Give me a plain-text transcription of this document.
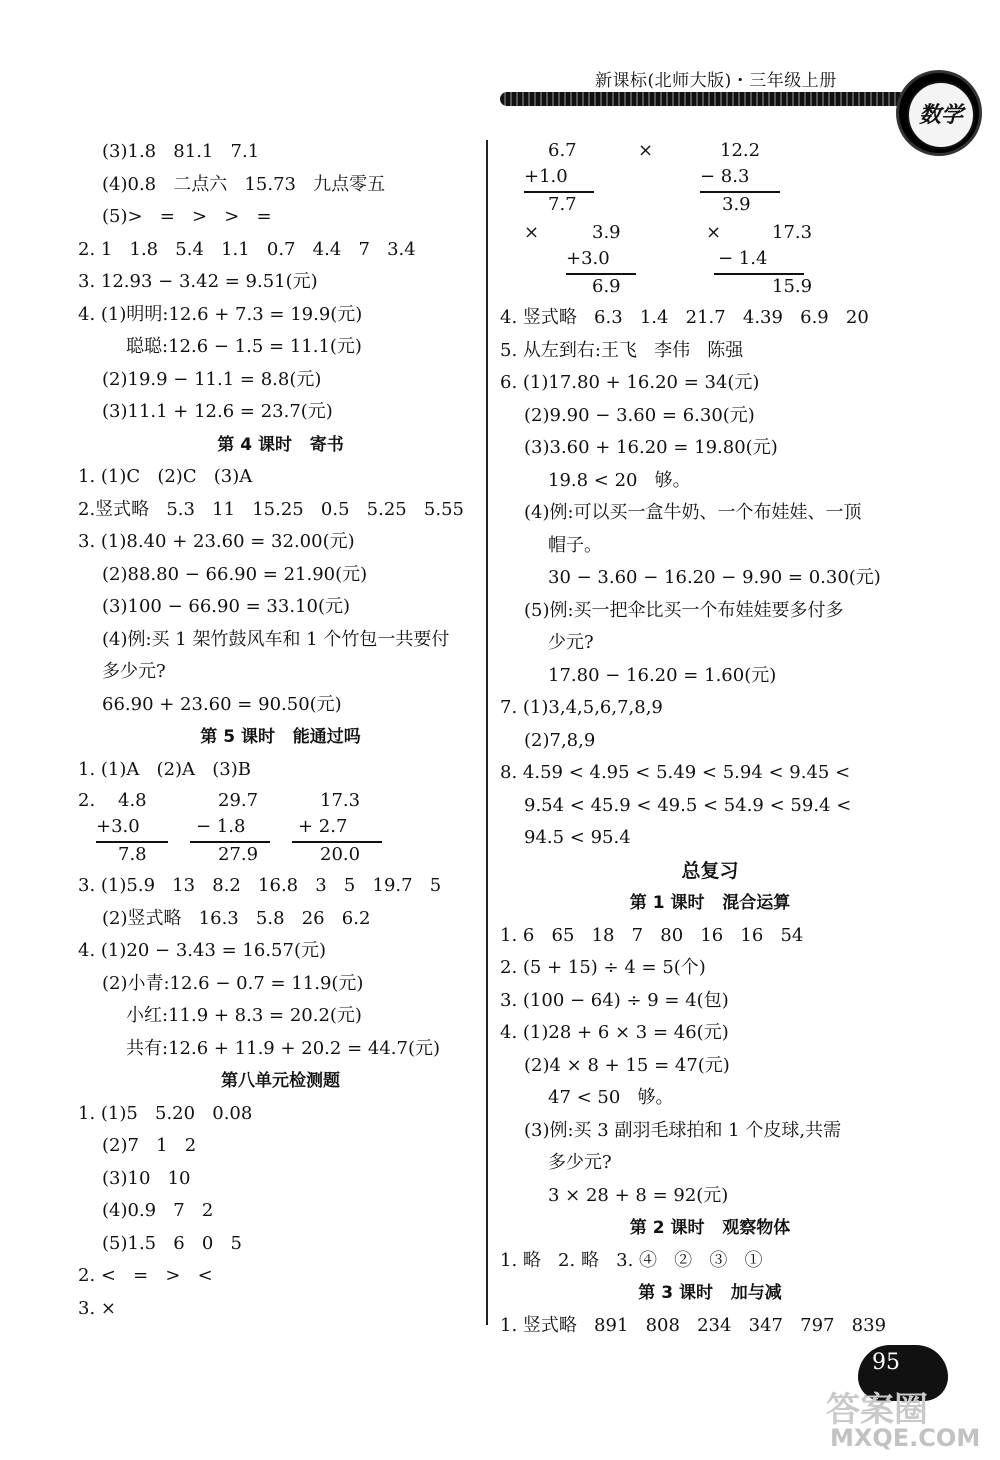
新课标(北师大版)・三年级上册
数学
(3)1.8   81.1   7.1
(4)0.8   二点六   15.73   九点零五
(5)>   =   >   >   =
2. 1   1.8   5.4   1.1   0.7   4.4   7   3.4
3. 12.93 − 3.42 = 9.51(元)
4. (1)明明:12.6 + 7.3 = 19.9(元)
聪聪:12.6 − 1.5 = 11.1(元)
(2)19.9 − 11.1 = 8.8(元)
(3)11.1 + 12.6 = 23.7(元)
第 4 课时   寄书
1. (1)C   (2)C   (3)A
2.竖式略   5.3   11   15.25   0.5   5.25   5.55
3. (1)8.40 + 23.60 = 32.00(元)
(2)88.80 − 66.90 = 21.90(元)
(3)100 − 66.90 = 33.10(元)
(4)例:买 1 架竹鼓风车和 1 个竹包一共要付
多少元?
66.90 + 23.60 = 90.50(元)
第 5 课时   能通过吗
1. (1)A   (2)A   (3)B
2. 4.8
+3.0
7.8
29.7
− 1.8
27.9
17.3
+ 2.7
20.0
3. (1)5.9   13   8.2   16.8   3   5   19.7   5
(2)竖式略   16.3   5.8   26   6.2
4. (1)20 − 3.43 = 16.57(元)
(2)小青:12.6 − 0.7 = 11.9(元)
小红:11.9 + 8.3 = 20.2(元)
共有:12.6 + 11.9 + 20.2 = 44.7(元)
第八单元检测题
1. (1)5   5.20   0.08
(2)7   1   2
(3)10   10
(4)0.9   7   2
(5)1.5   6   0   5
2. <   =   >   <
3. ×
6.7
+1.0
7.7
×	12.2
− 8.3
3.9
×	3.9
+3.0
6.9
×	17.3
− 1.4
15.9
4. 竖式略   6.3   1.4   21.7   4.39   6.9   20
5. 从左到右:王飞   李伟   陈强
6. (1)17.80 + 16.20 = 34(元)
(2)9.90 − 3.60 = 6.30(元)
(3)3.60 + 16.20 = 19.80(元)
19.8 < 20   够。
(4)例:可以买一盒牛奶、一个布娃娃、一顶
帽子。
30 − 3.60 − 16.20 − 9.90 = 0.30(元)
(5)例:买一把伞比买一个布娃娃要多付多
少元?
17.80 − 16.20 = 1.60(元)
7. (1)3,4,5,6,7,8,9
(2)7,8,9
8. 4.59 < 4.95 < 5.49 < 5.94 < 9.45 <
9.54 < 45.9 < 49.5 < 54.9 < 59.4 <
94.5 < 95.4
总复习
第 1 课时   混合运算
1. 6   65   18   7   80   16   16   54
2. (5 + 15) ÷ 4 = 5(个)
3. (100 − 64) ÷ 9 = 4(包)
4. (1)28 + 6 × 3 = 46(元)
(2)4 × 8 + 15 = 47(元)
47 < 50   够。
(3)例:买 3 副羽毛球拍和 1 个皮球,共需
多少元?
3 × 28 + 8 = 92(元)
第 2 课时   观察物体
1. 略   2. 略   3. ④   ②   ③   ①
第 3 课时   加与减
1. 竖式略   891   808   234   347   797   839
95
答案圈
MXQE.COM
